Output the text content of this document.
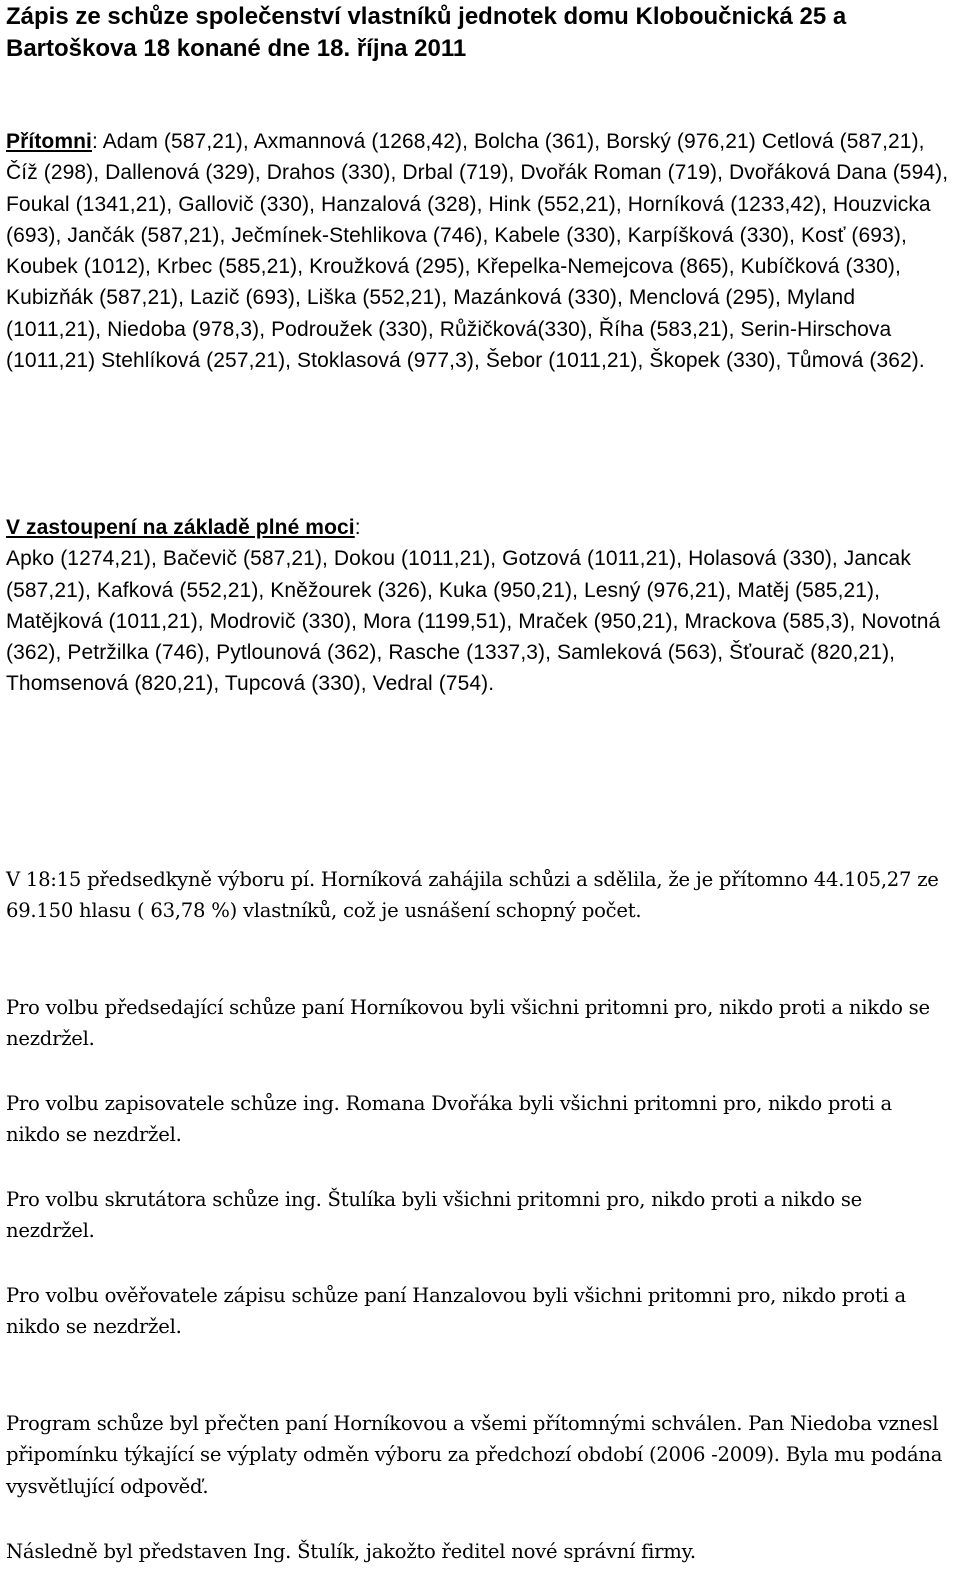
Zápis ze schůze společenství vlastníků jednotek domu Kloboučnická 25 a Bartoškova 18 konané dne 18. října 2011

Přítomni: Adam (587,21), Axmannová (1268,42), Bolcha (361), Borský (976,21) Cetlová (587,21), Číž (298), Dallenová (329), Drahos (330), Drbal (719), Dvořák Roman (719), Dvořáková Dana (594), Foukal (1341,21), Gallovič (330), Hanzalová (328), Hink (552,21), Horníková (1233,42), Houzvicka (693), Jančák (587,21), Ječmínek-Stehlikova (746), Kabele (330), Karpíšková (330), Kosť (693), Koubek (1012), Krbec (585,21), Kroužková (295), Křepelka-Nemejcova (865), Kubíčková (330), Kubizňák (587,21), Lazič (693), Liška (552,21), Mazánková (330), Menclová (295), Myland (1011,21), Niedoba (978,3), Podroužek (330), Růžičková(330), Říha (583,21), Serin-Hirschova (1011,21) Stehlíková (257,21), Stoklasová (977,3), Šebor (1011,21), Škopek (330), Tůmová (362).

V zastoupení na základě plné moci:
Apko (1274,21), Bačevič (587,21), Dokou (1011,21), Gotzová (1011,21), Holasová (330), Jancak (587,21), Kafková (552,21), Kněžourek (326), Kuka (950,21), Lesný (976,21), Matěj (585,21), Matějková (1011,21), Modrovič (330), Mora (1199,51), Mraček (950,21), Mrackova (585,3), Novotná (362), Petržilka (746), Pytlounová (362), Rasche (1337,3), Samleková (563), Šťourač (820,21), Thomsenová (820,21), Tupcová (330), Vedral (754).

V 18:15 předsedkyně výboru pí. Horníková zahájila schůzi a sdělila, že je přítomno 44.105,27 ze 69.150 hlasu ( 63,78 %) vlastníků, což je usnášení schopný počet.

Pro volbu předsedající schůze paní Horníkovou byli všichni pritomni pro, nikdo proti a nikdo se nezdržel.

Pro volbu zapisovatele schůze ing. Romana Dvořáka byli všichni pritomni pro, nikdo proti a nikdo se nezdržel.

Pro volbu skrutátora schůze ing. Štulíka byli všichni pritomni pro, nikdo proti a nikdo se nezdržel.

Pro volbu ověřovatele zápisu schůze paní Hanzalovou byli všichni pritomni pro, nikdo proti a nikdo se nezdržel.

Program schůze byl přečten paní Horníkovou a všemi přítomnými schválen. Pan Niedoba vznesl připomínku týkající se výplaty odměn výboru za předchozí období (2006 -2009). Byla mu podána vysvětlující odpověď.

Následně byl představen Ing. Štulík, jakožto ředitel nové správní firmy.
